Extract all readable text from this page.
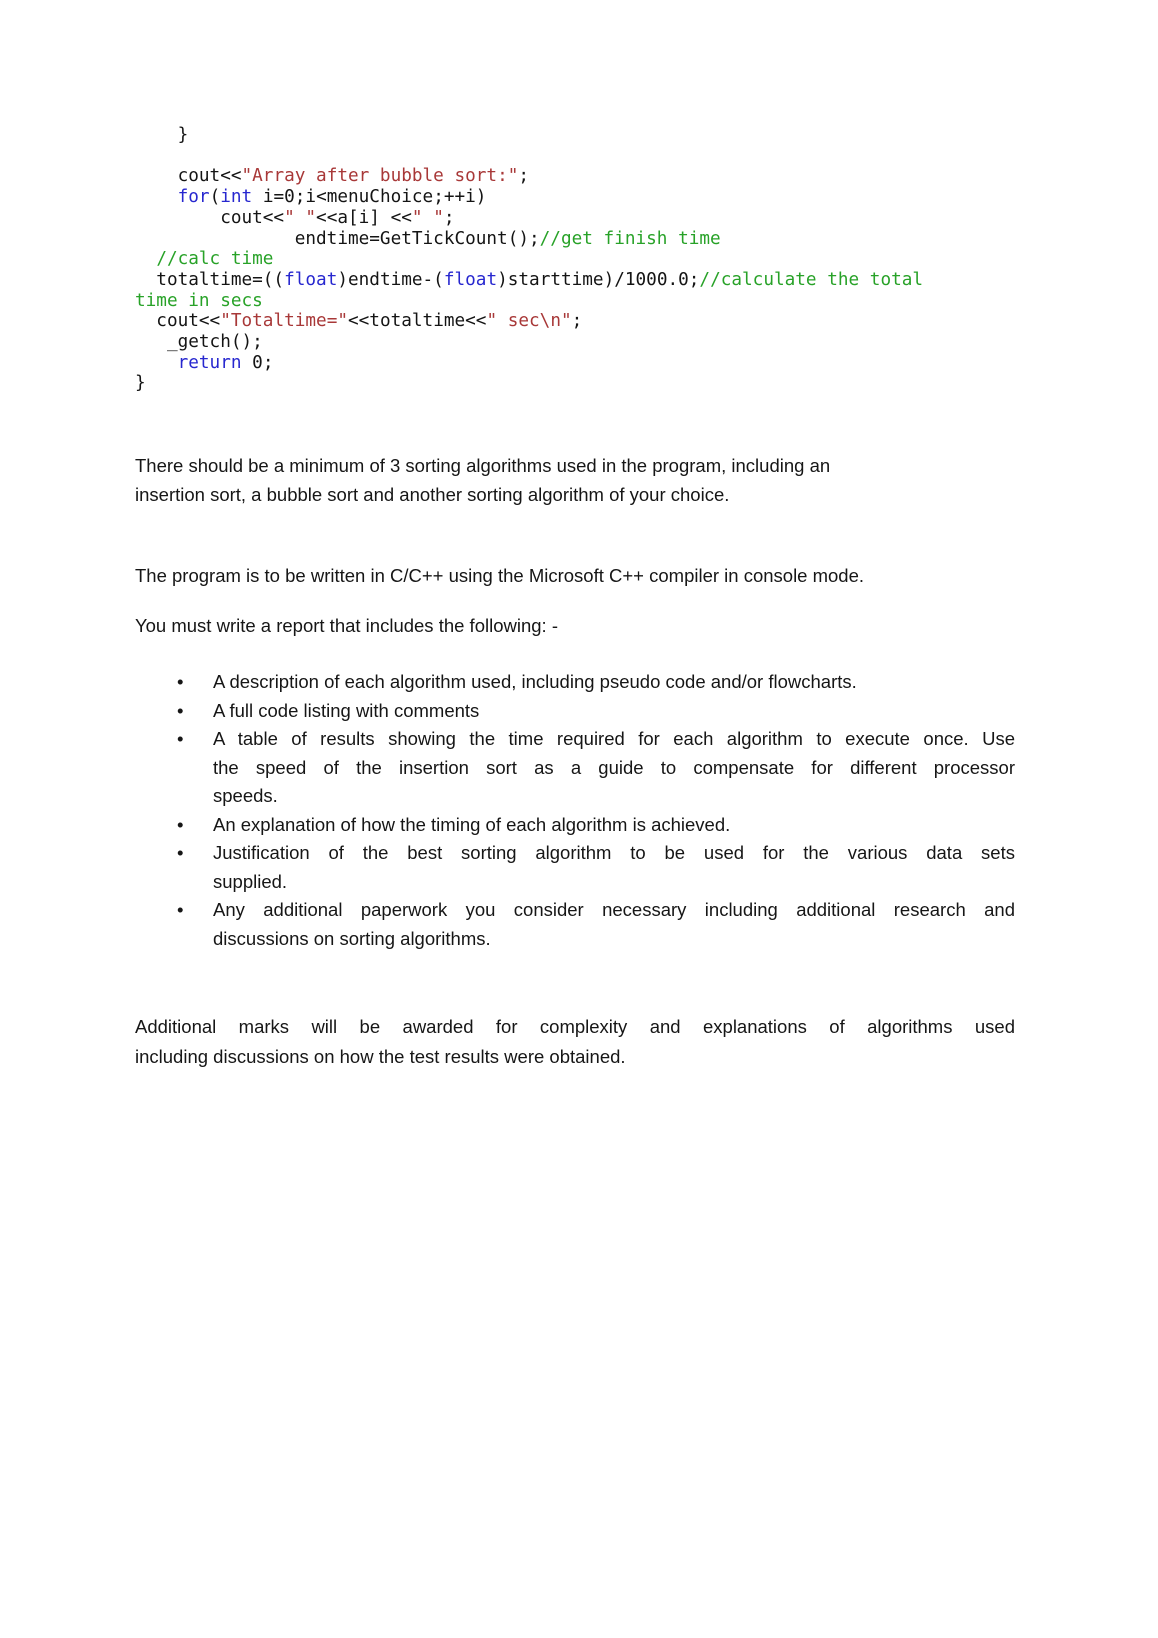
}
cout<<"Array after bubble sort:";
for(int i=0;i<menuChoice;++i)
cout<<" "<<a[i] <<" ";
endtime=GetTickCount();//get finish time
//calc time
totaltime=((float)endtime-(float)starttime)/1000.0;//calculate the total
time in secs
cout<<"Totaltime="<<totaltime<<" sec\n";
_getch();
return 0;
}
There should be a minimum of 3 sorting algorithms used in the program, including an
insertion sort, a bubble sort and another sorting algorithm of your choice.
The program is to be written in C/C++ using the Microsoft C++ compiler in console mode.
You must write a report that includes the following: -
• A description of each algorithm used, including pseudo code and/or flowcharts.
• A full code listing with comments
• A table of results showing the time required for each algorithm to execute once. Use
the speed of the insertion sort as a guide to compensate for different processor
speeds.
• An explanation of how the timing of each algorithm is achieved.
• Justification of the best sorting algorithm to be used for the various data sets
supplied.
• Any additional paperwork you consider necessary including additional research and
discussions on sorting algorithms.
Additional marks will be awarded for complexity and explanations of algorithms used
including discussions on how the test results were obtained.
